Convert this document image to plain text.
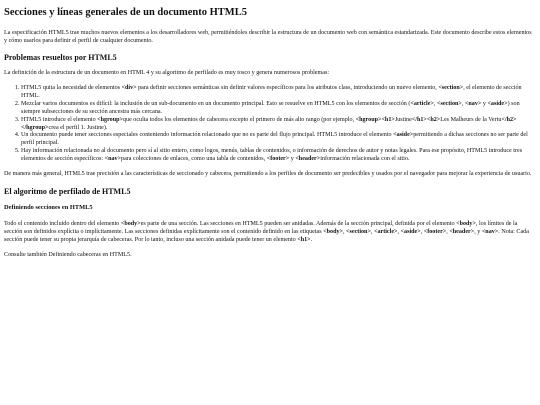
Secciones y líneas generales de un documento HTML5

La especificación HTML5 trae muchos nuevos elementos a los desarrolladores web, permitiéndoles describir la estructura de un documento web con semántica estandarizada. Este documento describe estos elementos y cómo usarlos para definir el perfil de cualquier documento.

Problemas resueltos por HTML5

La definición de la estructura de un documento en HTML 4 y su algoritmo de perfilado es muy tosco y genera numerosos problemas:

1. HTML5 quita la necesidad de elementos <div> para definir secciones semánticas sin definir valores específicos para los atributos class, introduciendo un nuevo elemento, <section>, el elemento de sección HTML.
2. Mezclar varios documentos es difícil: la inclusión de un sub-documento en un documento principal. Esto se resuelve en HTML5 con los elementos de sección (<article>, <section>, <nav> y <aside>) son siempre subsecciones de su sección ancestra más cercana.
3. HTML5 introduce el elemento <hgroup>que oculta todos los elementos de cabecera excepto el primero de más alto rango (por ejemplo, <hgroup><h1>Justine</h1><h2>Les Malheurs de la Vertu</h2></hgroup>crea el perfil 1. Justine).
4. Un documento puede tener secciones especiales conteniendo información relacionado que no es parte del flujo principal. HTML5 introduce el elemento <aside>permitiendo a dichas secciones no ser parte del perfil principal.
5. Hay información relacionada no al documento pero sí al sitio entero, como logos, menús, tablas de contenidos, o información de derechos de autor y notas legales. Para ese propósito, HTML5 introduce tres elementos de sección específicos: <nav>para colecciones de enlaces, como una tabla de contenidos, <footer> y <header>información relacionada con el sitio.

De manera más general, HTML5 trae precisión a las características de seccionado y cabecera, permitiendo a los perfiles de documento ser predecibles y usados por el navegador para mejorar la experiencia de usuario.

El algoritmo de perfilado de HTML5
Definiendo secciones en HTML5

Todo el contenido incluido dentro del elemento <body>es parte de una sección. Las secciones en HTML5 pueden ser anidadas. Además de la sección principal, definida por el elemento <body>, los límites de la sección son definidos explícita o implícitamente. Las secciones definidas explícitamente son el contenido definido en las etiquetas <body>, <section>, <article>, <aside>, <footer>, <header>, y <nav>. Nota: Cada sección puede tener su propia jerarquía de cabeceras. Por lo tanto, incluso una sección anidada puede tener un elemento <h1>.

Consulte también Definiendo cabeceras en HTML5.
